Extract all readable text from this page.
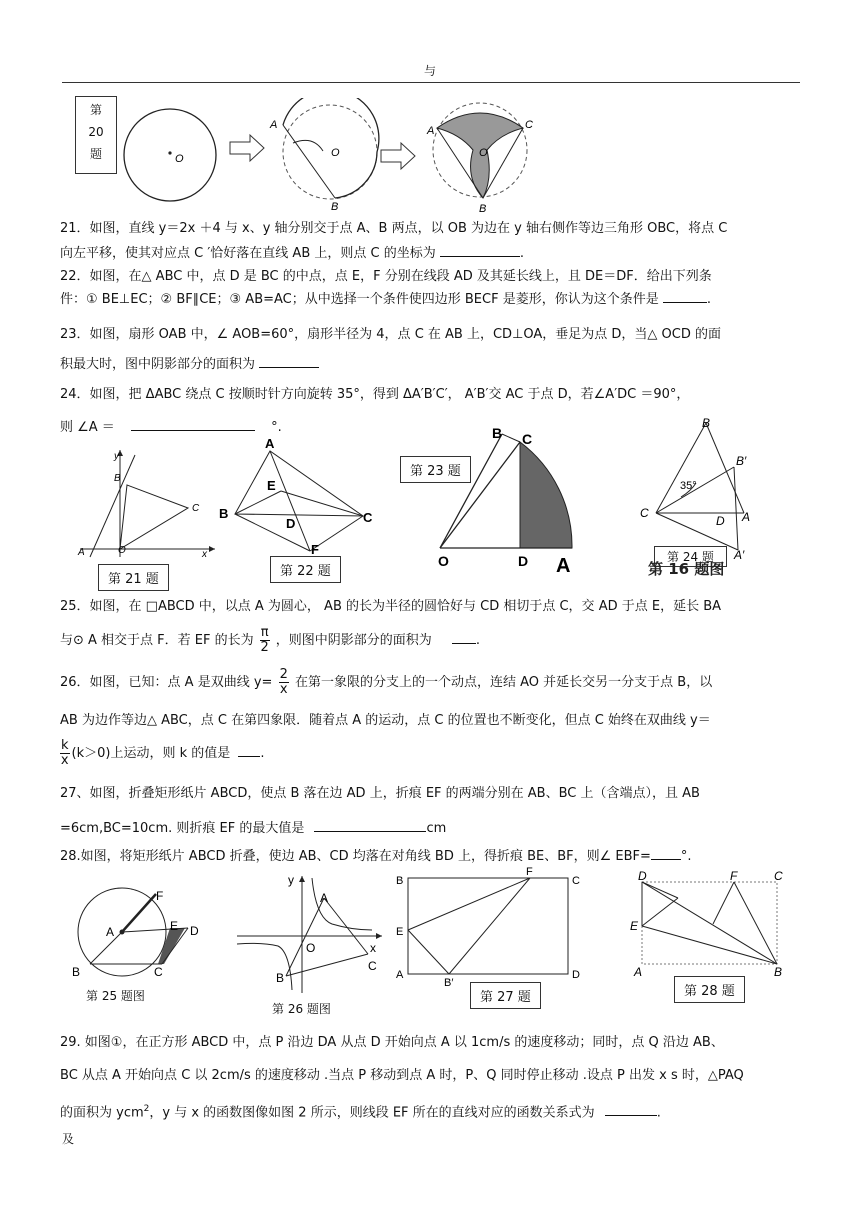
与
第
20
题	O
A
O
B
A	C
O
B
21．如图，直线 y＝2x ＋4 与 x、y 轴分别交于点 A、B 两点，以 OB 为边在 y 轴右侧作等边三角形 OBC，将点 C
向左平移，使其对应点 C ′恰好落在直线 AB 上，则点 C 的坐标为	.
22．如图，在△ ABC 中，点 D 是 BC 的中点，点 E，F 分别在线段 AD 及其延长线上，且 DE＝DF．给出下列条
件：① BE⊥EC；② BF∥CE；③ AB=AC；从中选择一个条件使四边形 BECF 是菱形，你认为这个条件是	.
23．如图，扇形 OAB 中，∠ AOB=60°，扇形半径为 4，点 C 在 AB 上，CD⊥OA，垂足为点 D，当△ OCD 的面
积最大时，图中阴影部分的面积为
24．如图，把 ΔABC 绕点 C 按顺时针方向旋转 35°，得到 ΔA′B′C′， A′B′交 AC 于点 D，若∠A′DC ＝90°，
则 ∠A ＝	°.
y
B
C
A	O	x
第 21 题
A
E
B
D	C
F
第 22 题
第 23 题
B C
O	D A
B
B′
35°
C	A
D
A′
第 24 题
第 16 题图
25．如图，在 □ABCD 中，以点 A 为圆心， AB 的长为半径的圆恰好与 CD 相切于点 C，交 AD 于点 E，延长 BA
与⊙ A 相交于点 F．若 EF 的长为 $\frac{\pi}{2}$ ，则图中阴影部分的面积为	.
26．如图，已知：点 A 是双曲线 $y= \frac{2}{x}$ 在第一象限的分支上的一个动点，连结 AO 并延长交另一分支于点 B，以
AB 为边作等边△ ABC，点 C 在第四象限．随着点 A 的运动，点 C 的位置也不断变化，但点 C 始终在双曲线 y＝
$\frac{k}{x} (k>0)$上运动，则 k 的值是 .
27、如图，折叠矩形纸片 ABCD，使点 B 落在边 AD 上，折痕 EF 的两端分别在 AB、BC 上（含端点），且 AB
=6cm,BC=10cm. 则折痕 EF 的最大值是	cm
28.如图，将矩形纸片 ABCD 折叠，使边 AB、CD 均落在对角线 BD 上，得折痕 BE、BF，则∠ EBF= °.
F
A	E D
B	C
第 25 题图
y
A
O	x
C
B
第 26 题图
B
F
C
E
A
B′
D
第 27 题
D	F	C
E
A	B
第 28 题
29. 如图①，在正方形 ABCD 中，点 P 沿边 DA 从点 D 开始向点 A 以 1cm/s 的速度移动；同时，点 Q 沿边 AB、
BC 从点 A 开始向点 C 以 2cm/s 的速度移动 .当点 P 移动到点 A 时，P、Q 同时停止移动 .设点 P 出发 x s 时，△PAQ
的面积为 ycm$^2$，y 与 x 的函数图像如图 2 所示，则线段 EF 所在的直线对应的函数关系式为	.
及
